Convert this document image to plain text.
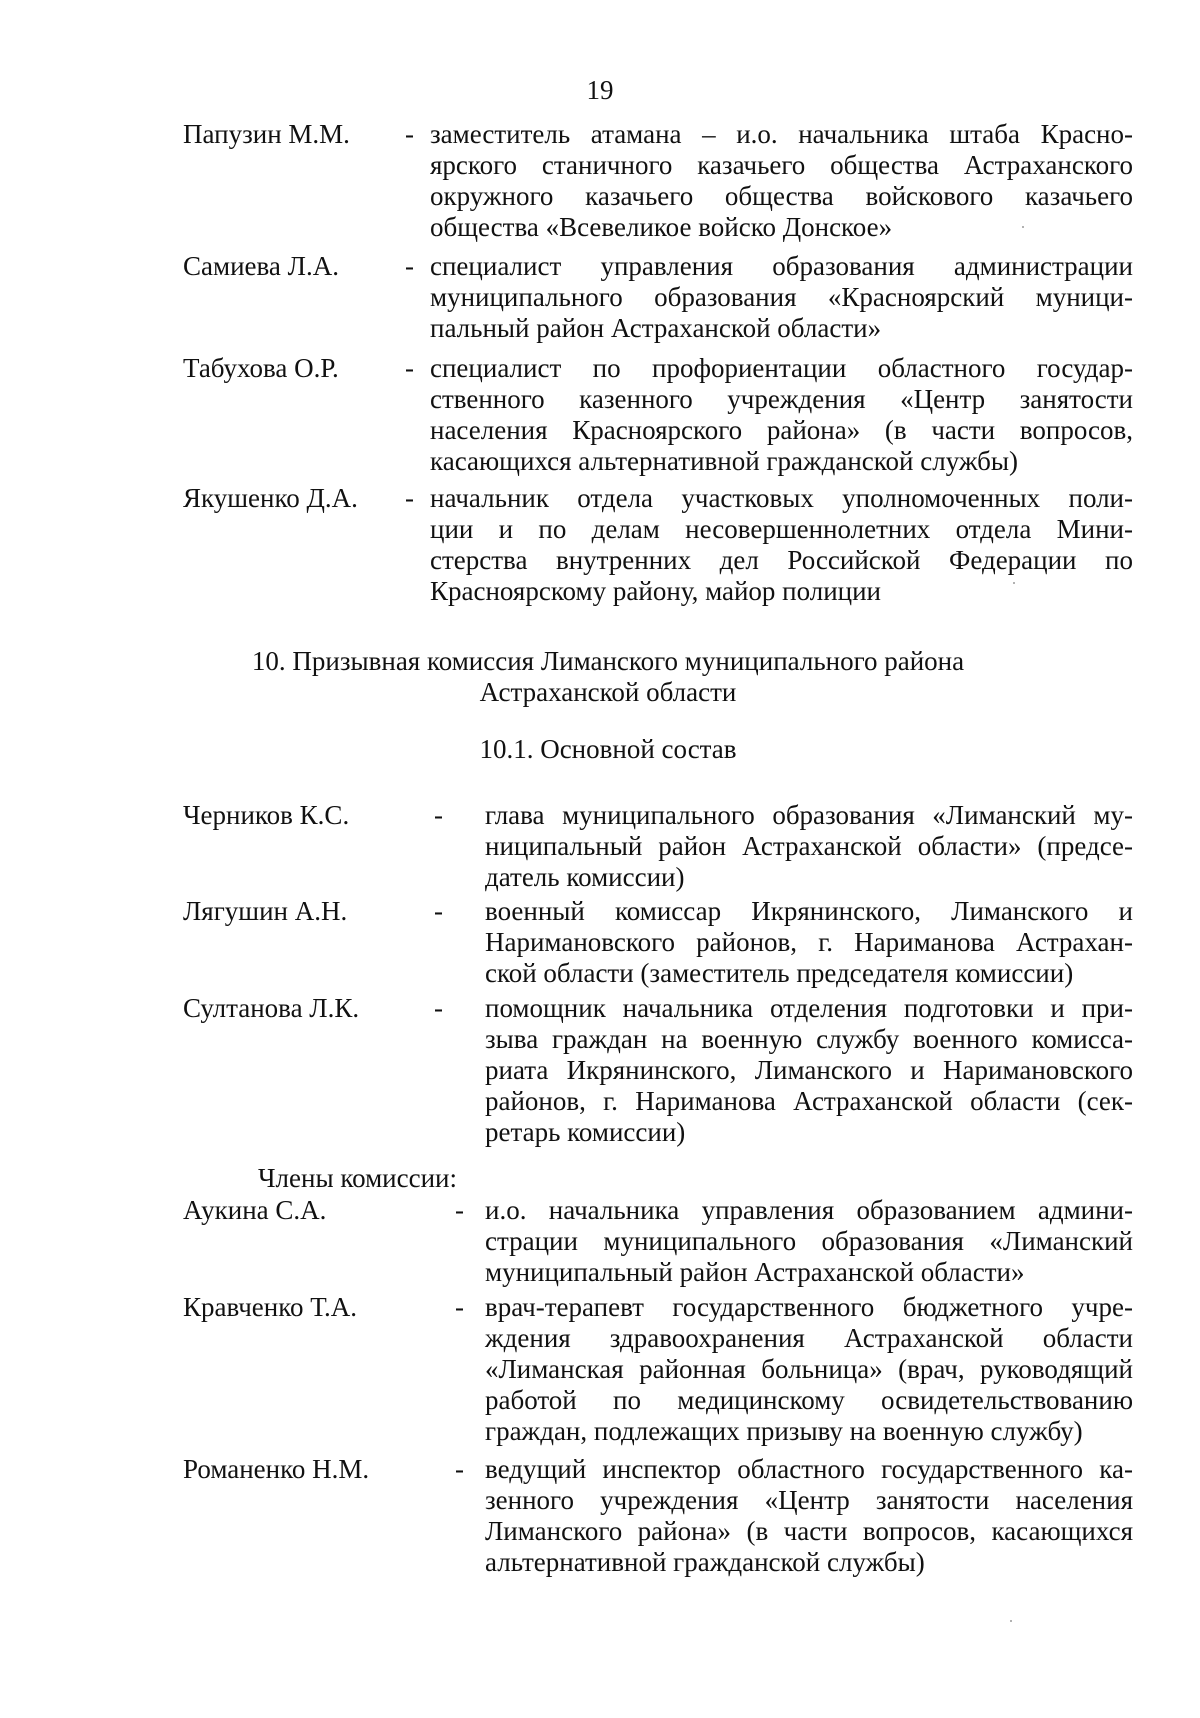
19
Папузин М.М. - заместитель атамана – и.о. начальника штаба Красно-
ярского станичного казачьего общества Астраханского
окружного казачьего общества войскового казачьего
общества «Всевеликое войско Донское»
Самиева Л.А. - специалист управления образования администрации
муниципального образования «Красноярский муници-
пальный район Астраханской области»
Табухова О.Р. - специалист по профориентации областного государ-
ственного казенного учреждения «Центр занятости
населения Красноярского района» (в части вопросов,
касающихся альтернативной гражданской службы)
Якушенко Д.А. - начальник отдела участковых уполномоченных поли-
ции и по делам несовершеннолетних отдела Мини-
стерства внутренних дел Российской Федерации по
Красноярскому району, майор полиции
10. Призывная комиссия Лиманского муниципального района
Астраханской области
10.1. Основной состав
Черников К.С.	- глава муниципального образования «Лиманский му-
ниципальный район Астраханской области» (предсе-
датель комиссии)
Лягушин А.Н.	- военный комиссар Икрянинского, Лиманского и
Наримановского районов, г. Нариманова Астрахан-
ской области (заместитель председателя комиссии)
Султанова Л.К.	- помощник начальника отделения подготовки и при-
зыва граждан на военную службу военного комисса-
риата Икрянинского, Лиманского и Наримановского
районов, г. Нариманова Астраханской области (сек-
ретарь комиссии)
Члены комиссии:
Аукина С.А.	- и.о. начальника управления образованием админи-
страции муниципального образования «Лиманский
муниципальный район Астраханской области»
Кравченко Т.А.	- врач-терапевт государственного бюджетного учре-
ждения здравоохранения Астраханской области
«Лиманская районная больница» (врач, руководящий
работой по медицинскому освидетельствованию
граждан, подлежащих призыву на военную службу)
Романенко Н.М.	- ведущий инспектор областного государственного ка-
зенного учреждения «Центр занятости населения
Лиманского района» (в части вопросов, касающихся
альтернативной гражданской службы)
